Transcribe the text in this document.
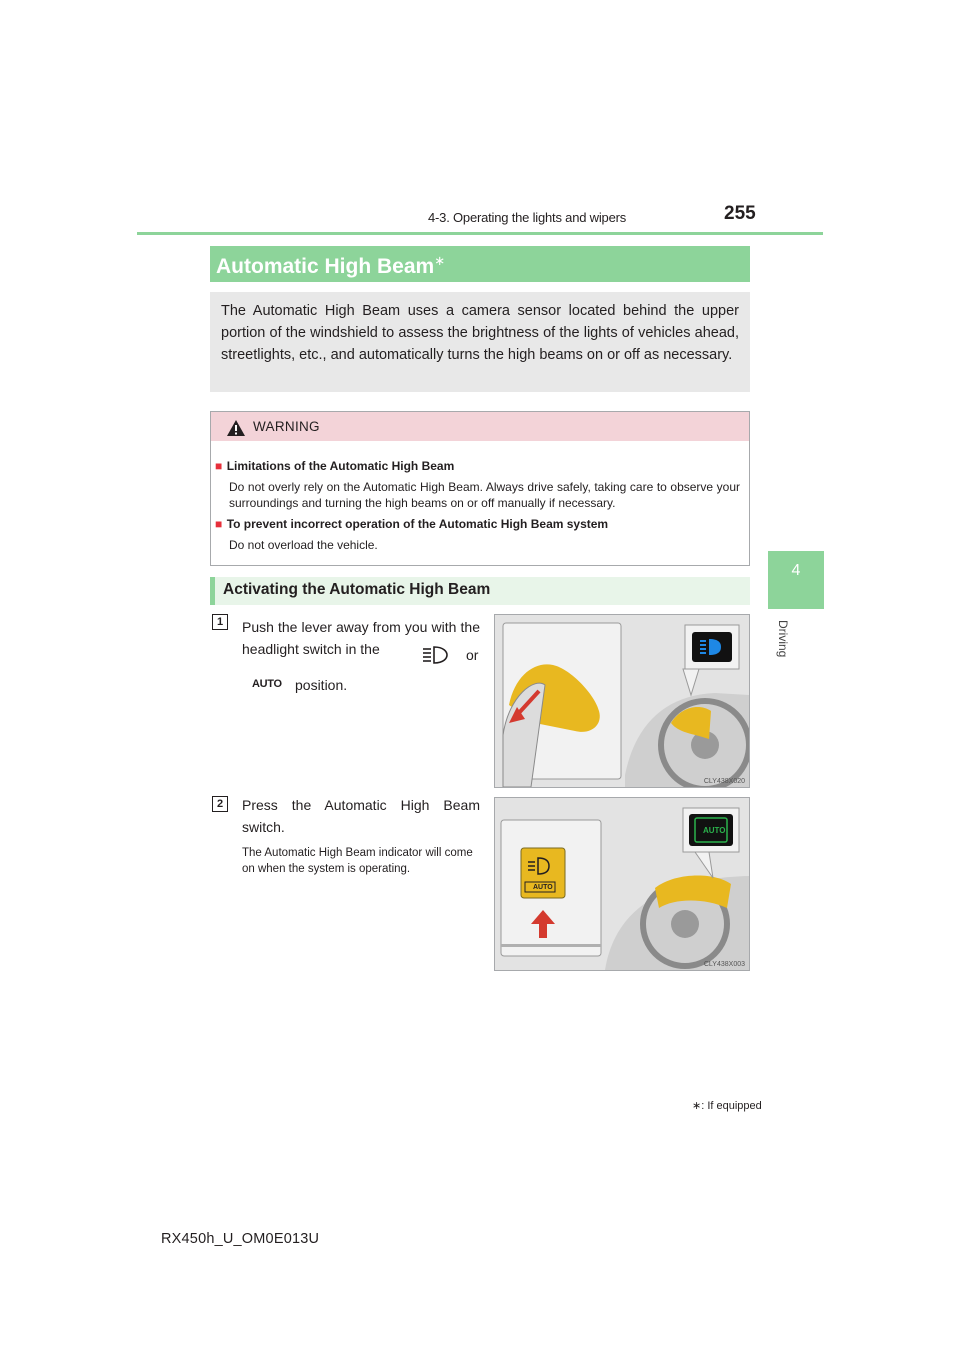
4-3. Operating the lights and wipers	255
4
Driving
Automatic High Beam∗
The Automatic High Beam uses a camera sensor located behind the upper portion of the windshield to assess the brightness of the lights of vehicles ahead, streetlights, etc., and automatically turns the high beams on or off as necessary.
WARNING
■ Limitations of the Automatic High Beam
Do not overly rely on the Automatic High Beam. Always drive safely, taking care to observe your surroundings and turning the high beams on or off manually if necessary.
■ To prevent incorrect operation of the Automatic High Beam system
Do not overload the vehicle.
Activating the Automatic High Beam
1	Push the lever away from you with the headlight switch in the	or
AUTO position.
CLY438X020
2	Press the Automatic High Beam switch.
The Automatic High Beam indicator will come on when the system is operating.
AUTO
AUTO
CLY438X003
∗: If equipped
RX450h_U_OM0E013U
